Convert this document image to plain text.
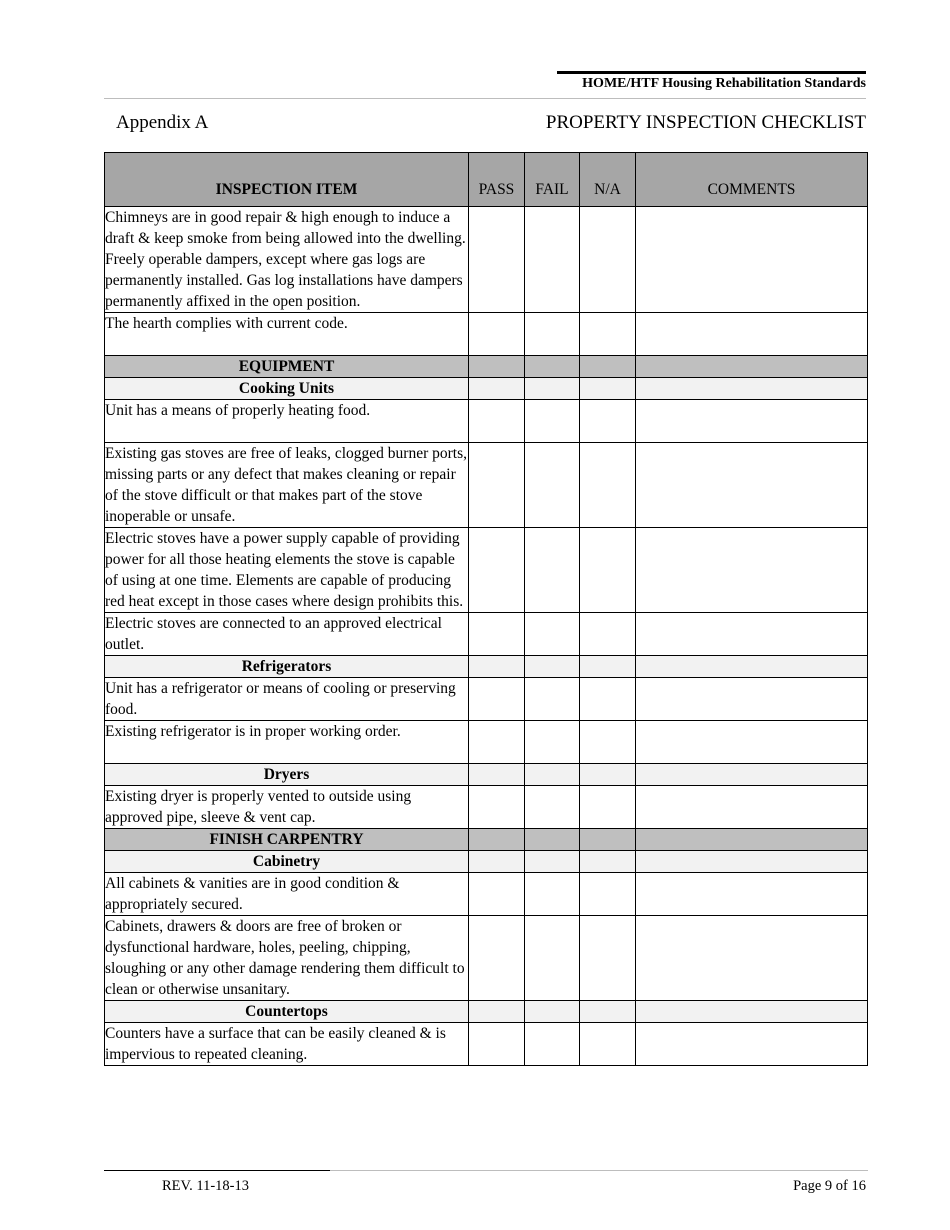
HOME/HTF Housing Rehabilitation Standards
Appendix A	PROPERTY INSPECTION CHECKLIST
INSPECTION ITEM	PASS	FAIL	N/A	COMMENTS
Chimneys are in good repair & high enough to induce a draft & keep smoke from being allowed into the dwelling. Freely operable dampers, except where gas logs are permanently installed. Gas log installations have dampers permanently affixed in the open position.				
The hearth complies with current code.				
EQUIPMENT				
Cooking Units				
Unit has a means of properly heating food.				
Existing gas stoves are free of leaks, clogged burner ports, missing parts or any defect that makes cleaning or repair of the stove difficult or that makes part of the stove inoperable or unsafe.				
Electric stoves have a power supply capable of providing power for all those heating elements the stove is capable of using at one time. Elements are capable of producing red heat except in those cases where design prohibits this.				
Electric stoves are connected to an approved electrical outlet.				
Refrigerators				
Unit has a refrigerator or means of cooling or preserving food.				
Existing refrigerator is in proper working order.				
Dryers				
Existing dryer is properly vented to outside using approved pipe, sleeve & vent cap.				
FINISH CARPENTRY				
Cabinetry				
All cabinets & vanities are in good condition & appropriately secured.				
Cabinets, drawers & doors are free of broken or dysfunctional hardware, holes, peeling, chipping, sloughing or any other damage rendering them difficult to clean or otherwise unsanitary.				
Countertops				
Counters have a surface that can be easily cleaned & is impervious to repeated cleaning.				
REV. 11-18-13	Page 9 of 16
